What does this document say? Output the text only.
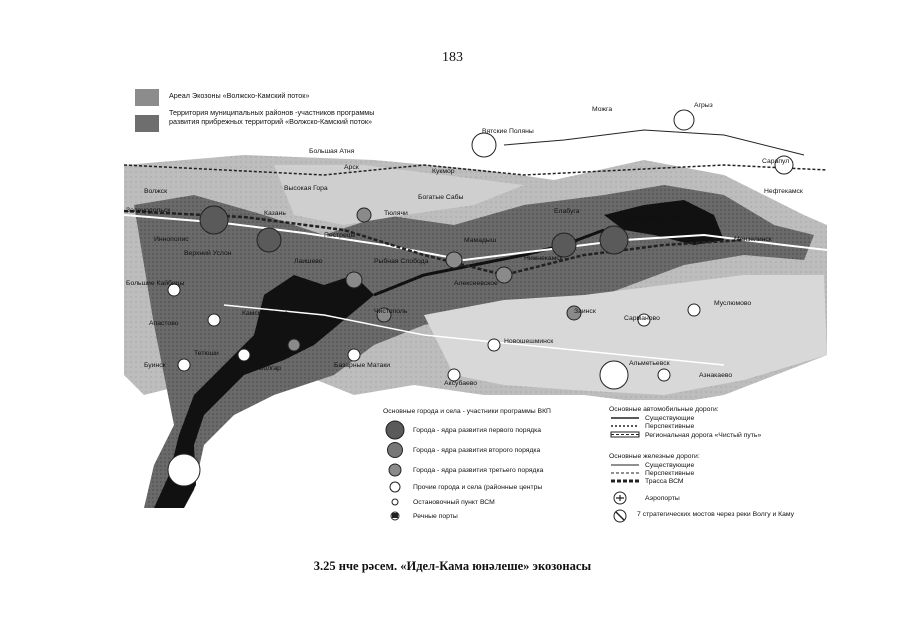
183
Ареал Экозоны «Волжско-Камский поток»
Территория муниципальных районов -участников программы развития прибрежных территорий «Волжско-Камский поток»
Можга
Агрыз
Сарапул
Нефтекамск
Вятские Поляны
Большая Атня
Арск
Кукмор
Богатые Сабы
Тюлячи
Высокая Гора
Казань
Волжск
Зеленодольск
Иннополис
Верхний Услон
Пестрецы
Мамадыш
Елабуга
Нижнекамск
Набережные Челны
Мензелинск
Рыбная Слобода
Лаишево
Алексеевское
Чистополь
Новошешминск
Заинск
Сарманово
Муслюмово
Большие Кайбицы
Апастово
Камское Устье
Тетюши
Буинск	Болгар	Базарные Матаки
Аксубаево
Альметьевск
Азнакаево
Основные города и села - участники программы ВКП
Города - ядра развития первого порядка
Города - ядра развития второго порядка
Города - ядра развития третьего порядка
Прочие города и села (районные центры
Остановочный пункт ВСМ
Речные порты
Основные автомобильные дороги:
Существующие
Перспективные
Региональная дорога «Чистый путь»
Основные железные дороги:
Существующие
Перспективные
Трасса ВСМ
Аэропорты
7 стратегических мостов через реки Волгу и Каму
3.25 нче рәсем. «Идел-Кама юнәлеше» экозонасы
